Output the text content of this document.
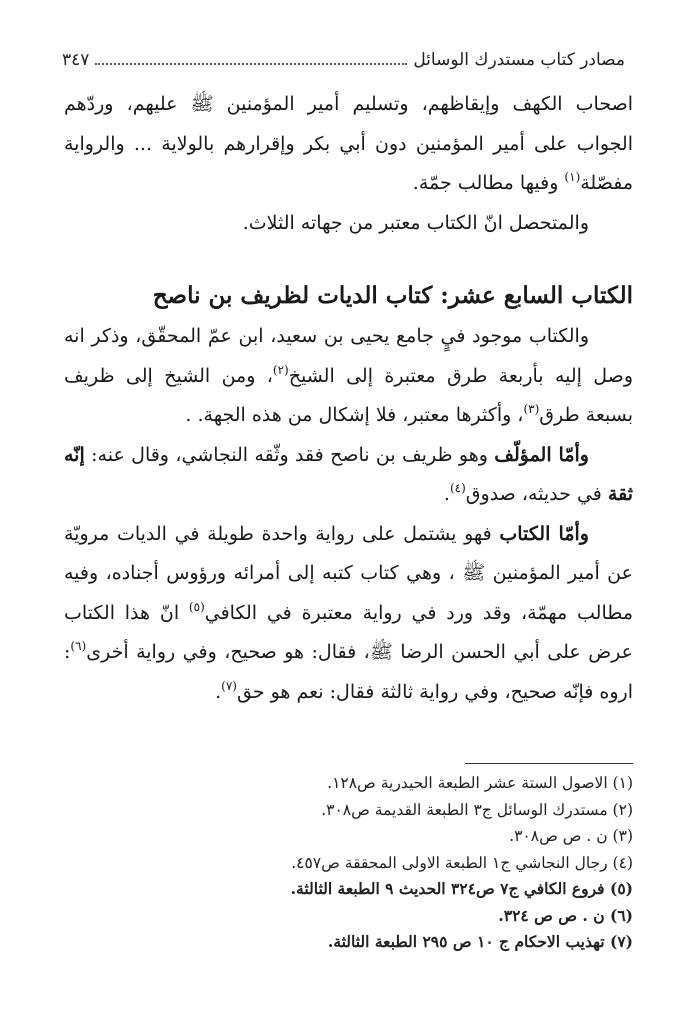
مصادر كتاب مستدرك الوسائل
٣٤٧

اصحاب الكهف وإيقاظهم، وتسليم أمير المؤمنين ﷺ عليهم، وردّهم الجواب على أمير المؤمنين دون أبي بكر وإقرارهم بالولاية ... والرواية مفصّلة$^{(١)}$ وفيها مطالب جمّة.

والمتحصل انّ الكتاب معتبر من جهاته الثلاث.

الكتاب السابع عشر: كتاب الديات لظريف بن ناصح

والكتاب موجود فيٍ جامع يحيى بن سعيد، ابن عمّ المحقّق، وذكر انه وصل إليه بأربعة طرق معتبرة إلى الشيخ$^{(٢)}$، ومن الشيخ إلى ظريف بسبعة طرق$^{(٣)}$، وأكثرها معتبر، فلا إشكال من هذه الجهة. .

وأمّا المؤلّف وهو ظريف بن ناصح فقد وثّقه النجاشي، وقال عنه: إنّه ثقة في حديثه، صدوق$^{(٤)}$.

وأمّا الكتاب فهو يشتمل على رواية واحدة طويلة في الديات مرويّة عن أمير المؤمنين ﷺ ، وهي كتاب كتبه إلى أمرائه ورؤوس أجناده، وفيه مطالب مهمّة، وقد ورد في رواية معتبرة في الكافي$^{(٥)}$ انّ هذا الكتاب عرض على أبي الحسن الرضا ﷺ، فقال: هو صحيح، وفي رواية أخرى$^{(٦)}$: اروه فإنّه صحيح، وفي رواية ثالثة فقال: نعم هو حق$^{(٧)}$.

(١) الاصول الستة عشر الطبعة الحيدرية ص١٢٨.
(٢) مستدرك الوسائل ج٣ الطبعة القديمة ص٣٠٨.
(٣) ن . ص ص٣٠٨.
(٤) رجال النجاشي ج١ الطبعة الاولى المحققة ص٤٥٧.
(٥) فروع الكافي ج٧ ص٣٢٤ الحديث ٩ الطبعة الثالثة.
(٦) ن . ص ص ٣٢٤.
(٧) تهذيب الاحكام ج ١٠ ص ٢٩٥ الطبعة الثالثة.
